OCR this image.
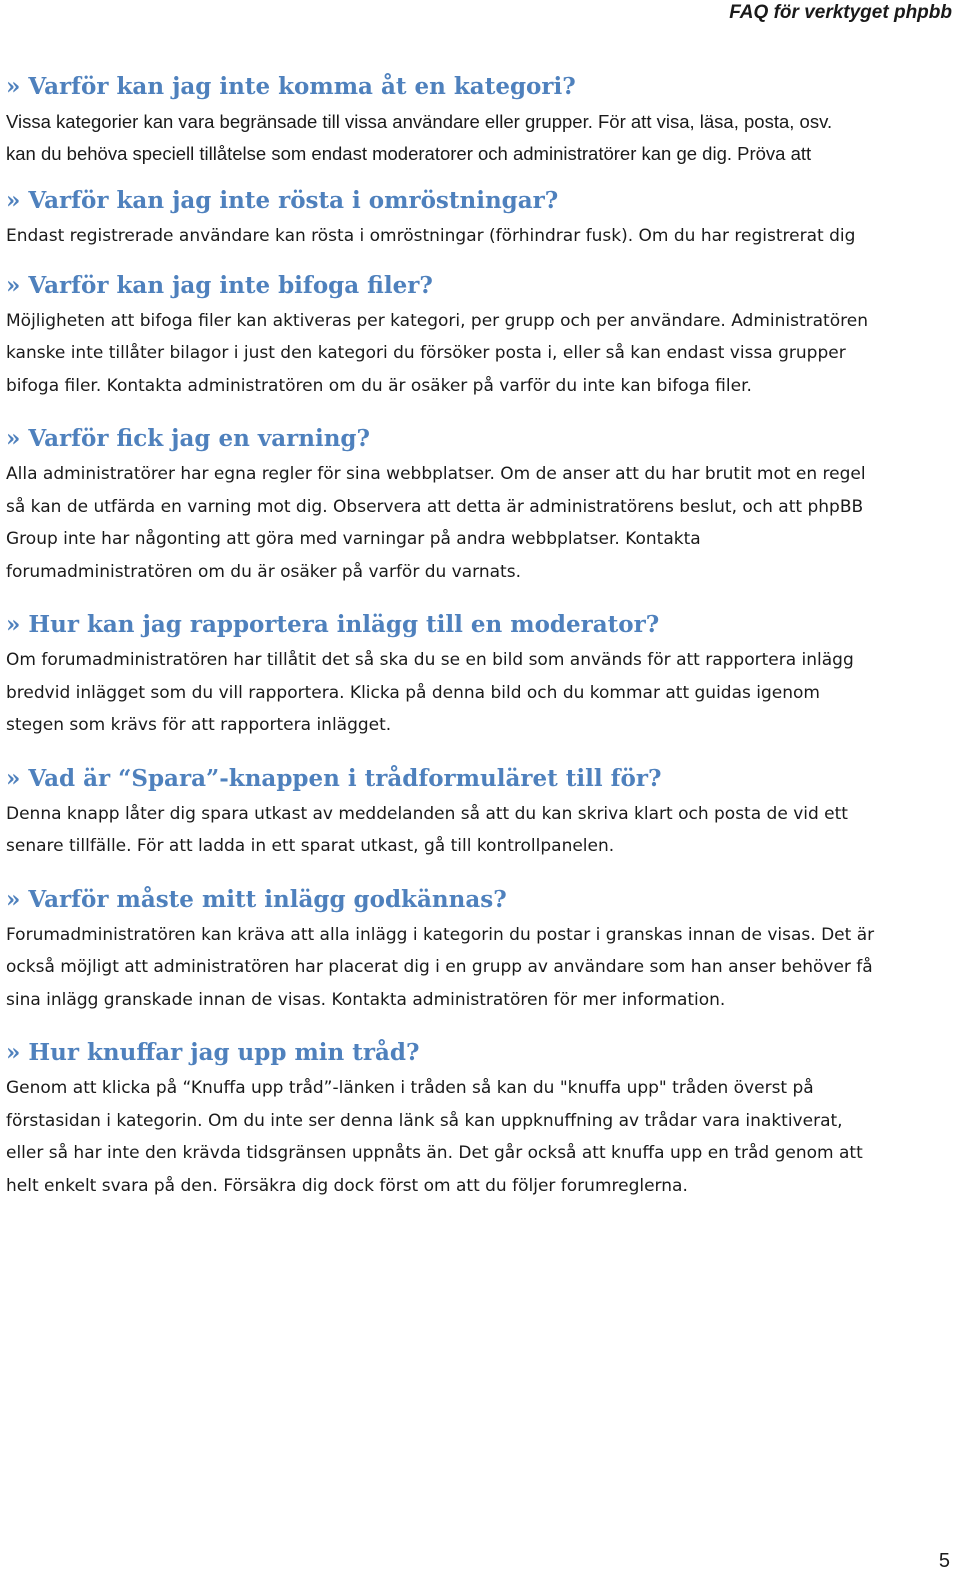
FAQ för verktyget phpbb
» Varför kan jag inte komma åt en kategori?

Vissa kategorier kan vara begränsade till vissa användare eller grupper. För att visa, läsa, posta, osv.
kan du behöva speciell tillåtelse som endast moderatorer och administratörer kan ge dig. Pröva att

» Varför kan jag inte rösta i omröstningar?

Endast registrerade användare kan rösta i omröstningar (förhindrar fusk). Om du har registrerat dig

» Varför kan jag inte bifoga filer?

Möjligheten att bifoga filer kan aktiveras per kategori, per grupp och per användare. Administratören
kanske inte tillåter bilagor i just den kategori du försöker posta i, eller så kan endast vissa grupper
bifoga filer. Kontakta administratören om du är osäker på varför du inte kan bifoga filer.

» Varför fick jag en varning?

Alla administratörer har egna regler för sina webbplatser. Om de anser att du har brutit mot en regel
så kan de utfärda en varning mot dig. Observera att detta är administratörens beslut, och att phpBB
Group inte har någonting att göra med varningar på andra webbplatser. Kontakta
forumadministratören om du är osäker på varför du varnats.

» Hur kan jag rapportera inlägg till en moderator?

Om forumadministratören har tillåtit det så ska du se en bild som används för att rapportera inlägg
bredvid inlägget som du vill rapportera. Klicka på denna bild och du kommar att guidas igenom
stegen som krävs för att rapportera inlägget.

» Vad är “Spara”-knappen i trådformuläret till för?

Denna knapp låter dig spara utkast av meddelanden så att du kan skriva klart och posta de vid ett
senare tillfälle. För att ladda in ett sparat utkast, gå till kontrollpanelen.

» Varför måste mitt inlägg godkännas?

Forumadministratören kan kräva att alla inlägg i kategorin du postar i granskas innan de visas. Det är
också möjligt att administratören har placerat dig i en grupp av användare som han anser behöver få
sina inlägg granskade innan de visas. Kontakta administratören för mer information.

» Hur knuffar jag upp min tråd?

Genom att klicka på “Knuffa upp tråd”-länken i tråden så kan du "knuffa upp" tråden överst på
förstasidan i kategorin. Om du inte ser denna länk så kan uppknuffning av trådar vara inaktiverat,
eller så har inte den krävda tidsgränsen uppnåts än. Det går också att knuffa upp en tråd genom att
helt enkelt svara på den. Försäkra dig dock först om att du följer forumreglerna.

5
